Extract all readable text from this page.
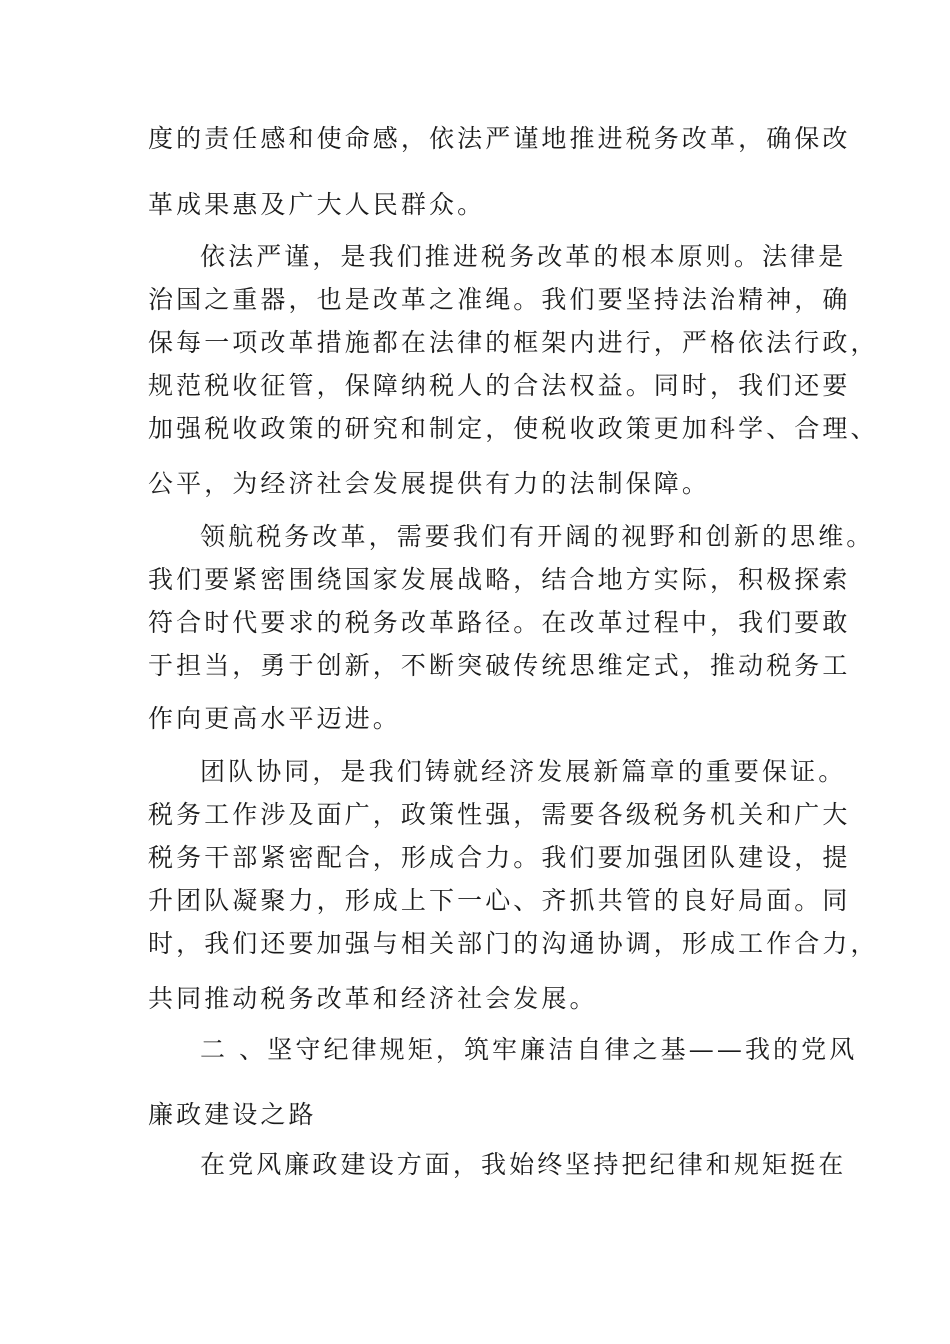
度的责任感和使命感，依法严谨地推进税务改革，确保改
革成果惠及广大人民群众。
依法严谨，是我们推进税务改革的根本原则。法律是
治国之重器，也是改革之准绳。我们要坚持法治精神，确
保每一项改革措施都在法律的框架内进行，严格依法行政，
规范税收征管，保障纳税人的合法权益。同时，我们还要
加强税收政策的研究和制定，使税收政策更加科学、合理、
公平，为经济社会发展提供有力的法制保障。
领航税务改革，需要我们有开阔的视野和创新的思维。
我们要紧密围绕国家发展战略，结合地方实际，积极探索
符合时代要求的税务改革路径。在改革过程中，我们要敢
于担当，勇于创新，不断突破传统思维定式，推动税务工
作向更高水平迈进。
团队协同，是我们铸就经济发展新篇章的重要保证。
税务工作涉及面广，政策性强，需要各级税务机关和广大
税务干部紧密配合，形成合力。我们要加强团队建设，提
升团队凝聚力，形成上下一心、齐抓共管的良好局面。同
时，我们还要加强与相关部门的沟通协调，形成工作合力，
共同推动税务改革和经济社会发展。
二 、坚守纪律规矩，筑牢廉洁自律之基——我的党风
廉政建设之路
在党风廉政建设方面，我始终坚持把纪律和规矩挺在
